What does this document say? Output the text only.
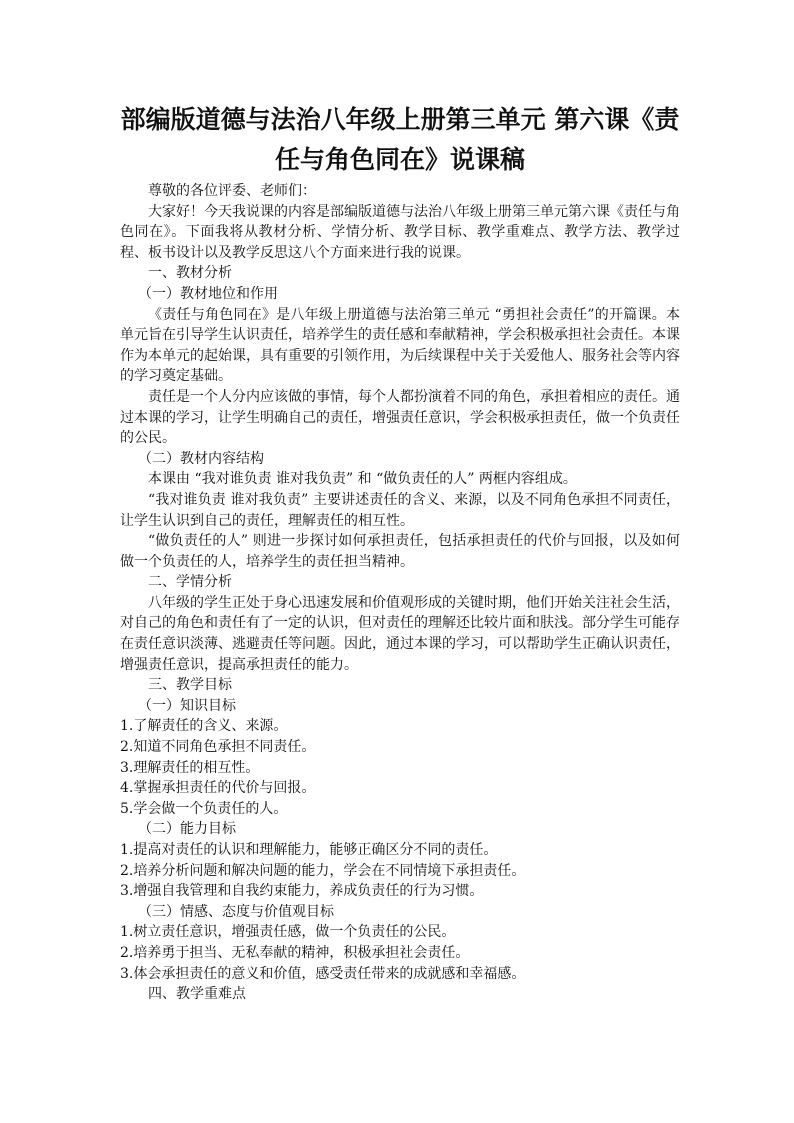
部编版道德与法治八年级上册第三单元 第六课《责
任与角色同在》说课稿

尊敬的各位评委、老师们：

大家好！今天我说课的内容是部编版道德与法治八年级上册第三单元第六课《责任与角色同在》。下面我将从教材分析、学情分析、教学目标、教学重难点、教学方法、教学过程、板书设计以及教学反思这八个方面来进行我的说课。

一、教材分析

（一）教材地位和作用

《责任与角色同在》是八年级上册道德与法治第三单元 “勇担社会责任”的开篇课。本单元旨在引导学生认识责任，培养学生的责任感和奉献精神，学会积极承担社会责任。本课作为本单元的起始课，具有重要的引领作用，为后续课程中关于关爱他人、服务社会等内容的学习奠定基础。

责任是一个人分内应该做的事情，每个人都扮演着不同的角色，承担着相应的责任。通过本课的学习，让学生明确自己的责任，增强责任意识，学会积极承担责任，做一个负责任的公民。

（二）教材内容结构

本课由 “我对谁负责 谁对我负责” 和 “做负责任的人” 两框内容组成。

“我对谁负责 谁对我负责” 主要讲述责任的含义、来源，以及不同角色承担不同责任，让学生认识到自己的责任，理解责任的相互性。

“做负责任的人” 则进一步探讨如何承担责任，包括承担责任的代价与回报，以及如何做一个负责任的人，培养学生的责任担当精神。

二、学情分析

八年级的学生正处于身心迅速发展和价值观形成的关键时期，他们开始关注社会生活，对自己的角色和责任有了一定的认识，但对责任的理解还比较片面和肤浅。部分学生可能存在责任意识淡薄、逃避责任等问题。因此，通过本课的学习，可以帮助学生正确认识责任，增强责任意识，提高承担责任的能力。

三、教学目标

（一）知识目标

1.了解责任的含义、来源。

2.知道不同角色承担不同责任。

3.理解责任的相互性。

4.掌握承担责任的代价与回报。

5.学会做一个负责任的人。

（二）能力目标

1.提高对责任的认识和理解能力，能够正确区分不同的责任。

2.培养分析问题和解决问题的能力，学会在不同情境下承担责任。

3.增强自我管理和自我约束能力，养成负责任的行为习惯。

（三）情感、态度与价值观目标

1.树立责任意识，增强责任感，做一个负责任的公民。

2.培养勇于担当、无私奉献的精神，积极承担社会责任。

3.体会承担责任的意义和价值，感受责任带来的成就感和幸福感。

四、教学重难点
